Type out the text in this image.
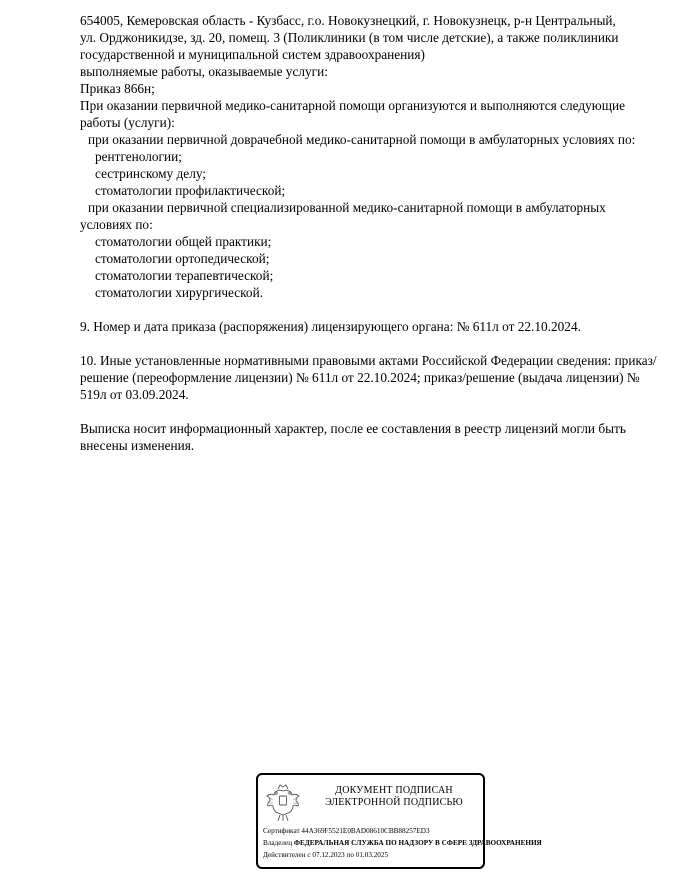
654005, Кемеровская область - Кузбасс, г.о. Новокузнецкий, г. Новокузнецк, р-н Центральный,

ул. Орджоникидзе, зд. 20, помещ. 3 (Поликлиники (в том числе детские), а также поликлиники

государственной и муниципальной систем здравоохранения)

выполняемые работы, оказываемые услуги:

Приказ 866н;

При оказании первичной медико-санитарной помощи организуются и выполняются следующие работы (услуги):

при оказании первичной доврачебной медико-санитарной помощи в амбулаторных условиях по:

рентгенологии;

сестринскому делу;

стоматологии профилактической;

при оказании первичной специализированной медико-санитарной помощи в амбулаторных условиях по:

стоматологии общей практики;

стоматологии ортопедической;

стоматологии терапевтической;

стоматологии хирургической.

9. Номер и дата приказа (распоряжения) лицензирующего органа: № 611л от 22.10.2024.

10. Иные установленные нормативными правовыми актами Российской Федерации сведения: приказ/решение (переоформление лицензии) № 611л от 22.10.2024; приказ/решение (выдача лицензии) № 519л от 03.09.2024.

Выписка носит информационный характер, после ее составления в реестр лицензий могли быть внесены изменения.

ДОКУМЕНТ ПОДПИСАН
ЭЛЕКТРОННОЙ ПОДПИСЬЮ
Сертификат 44A369F5521E0BAD08610CBB88257ED3
Владелец ФЕДЕРАЛЬНАЯ СЛУЖБА ПО НАДЗОРУ В СФЕРЕ ЗДРАВООХРАНЕНИЯ
Действителен с 07.12.2023 по 01.03.2025
